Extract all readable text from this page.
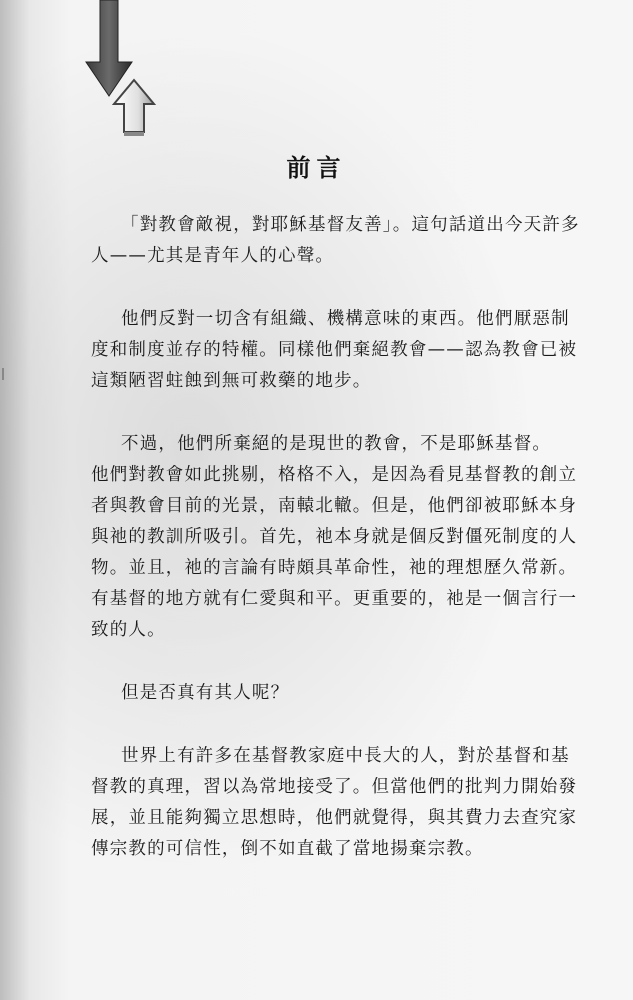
前言
「對教會敵視，對耶穌基督友善」。這句話道出今天許多
人——尤其是青年人的心聲。
他們反對一切含有組織、機構意味的東西。他們厭惡制
度和制度並存的特權。同樣他們棄絕教會——認為教會已被
這類陋習蛀蝕到無可救藥的地步。
不過，他們所棄絕的是現世的教會，不是耶穌基督。
他們對教會如此挑剔，格格不入，是因為看見基督教的創立
者與教會目前的光景，南轅北轍。但是，他們卻被耶穌本身
與祂的教訓所吸引。首先，祂本身就是個反對僵死制度的人
物。並且，祂的言論有時頗具革命性，祂的理想歷久常新。
有基督的地方就有仁愛與和平。更重要的，祂是一個言行一
致的人。
但是否真有其人呢？
世界上有許多在基督教家庭中長大的人，對於基督和基
督教的真理，習以為常地接受了。但當他們的批判力開始發
展，並且能夠獨立思想時，他們就覺得，與其費力去查究家
傳宗教的可信性，倒不如直截了當地揚棄宗教。
